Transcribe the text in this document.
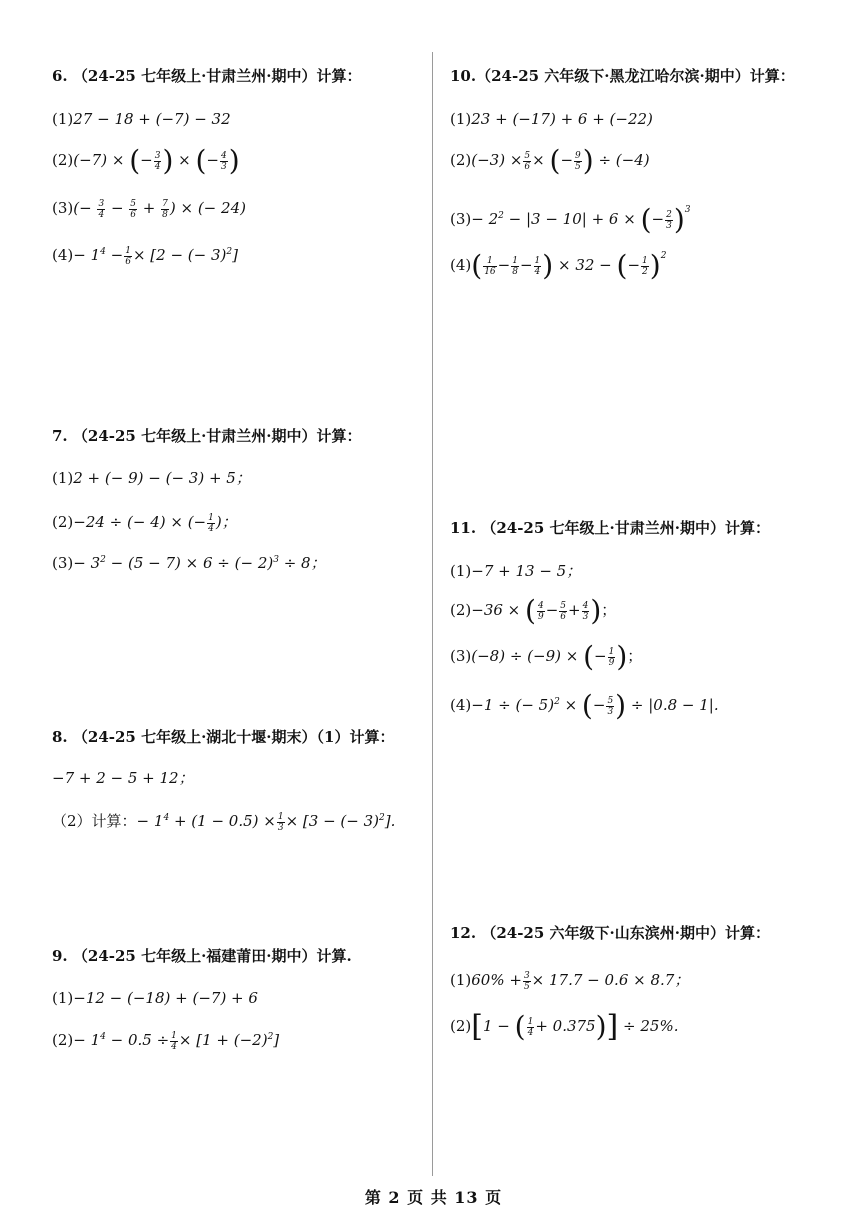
6. （24-25 七年级上·甘肃兰州·期中）计算：
(1)27 − 18 + (−7) − 32
(2)(−7) × (− $\frac{3}{4}$ ) × (− $\frac{4}{3}$ )
$(3)(- \frac{3}{4} - \frac{5}{6} + \frac{7}{8}$ ) × (− 24)
$(4)- 1^4 - \frac{1}{6} \times [2$ − (− 3)$^2$]
7. （24-25 七年级上·甘肃兰州·期中）计算：
(1)2 + (− 9) − (− 3) + 5；
(2)−24 ÷ (− 4) × (− $\frac{1}{4}$ )；
$(3)- 3^2 - (5 - 7) \times 6$ ÷ (− 2)$^3$ ÷ 8；
8. （24-25 七年级上·湖北十堰·期末）（1）计算：
−7 + 2 − 5 + 12；
（2）计算：− $1^4 + (1 - 0.5) \times \frac{1}{3} \times [3$ − (− 3)$^2$].
9. （24-25 七年级上·福建莆田·期中）计算.
(1)−12 − (−18) + (−7) + 6
$(2)- 1^4 - 0.5 \div \frac{1}{4} \times [1 + (-2)^2]$
10.（24-25 六年级下·黑龙江哈尔滨·期中）计算：
(1)23 + (−17) + 6 + (−22)
$(2)(-3) \times \frac{5}{6}$ × (− $\frac{9}{5}$ ) ÷ (−4)
$(3)- 2^2 - |3 - 10| + 6$ × (− $\frac{2}{3} )^3$
$(4)( \frac{1}{16} - \frac{1}{8} - \frac{1}{4}$ ) × 32 − (− $\frac{1}{2} )^2$
11. （24-25 七年级上·甘肃兰州·期中）计算：
(1)−7 + 13 − 5；
(2)−36 × ( $\frac{4}{9} - \frac{5}{6} + \frac{4}{3}$ )；
(3)(−8) ÷ (−9) × (− $\frac{1}{9}$ )；
(4)−1 ÷ (− 5)$^2$ × (− $\frac{5}{3}$ ) ÷ |0.8 − 1|.
12. （24-25 六年级下·山东滨州·期中）计算：
$(1)60\% + \frac{3}{5} \times 17.7 - 0.6 \times 8.7$；
(2)[1 − ( $\frac{1}{4} + 0.375)] \div 25\%$.
第 2 页 共 13 页
